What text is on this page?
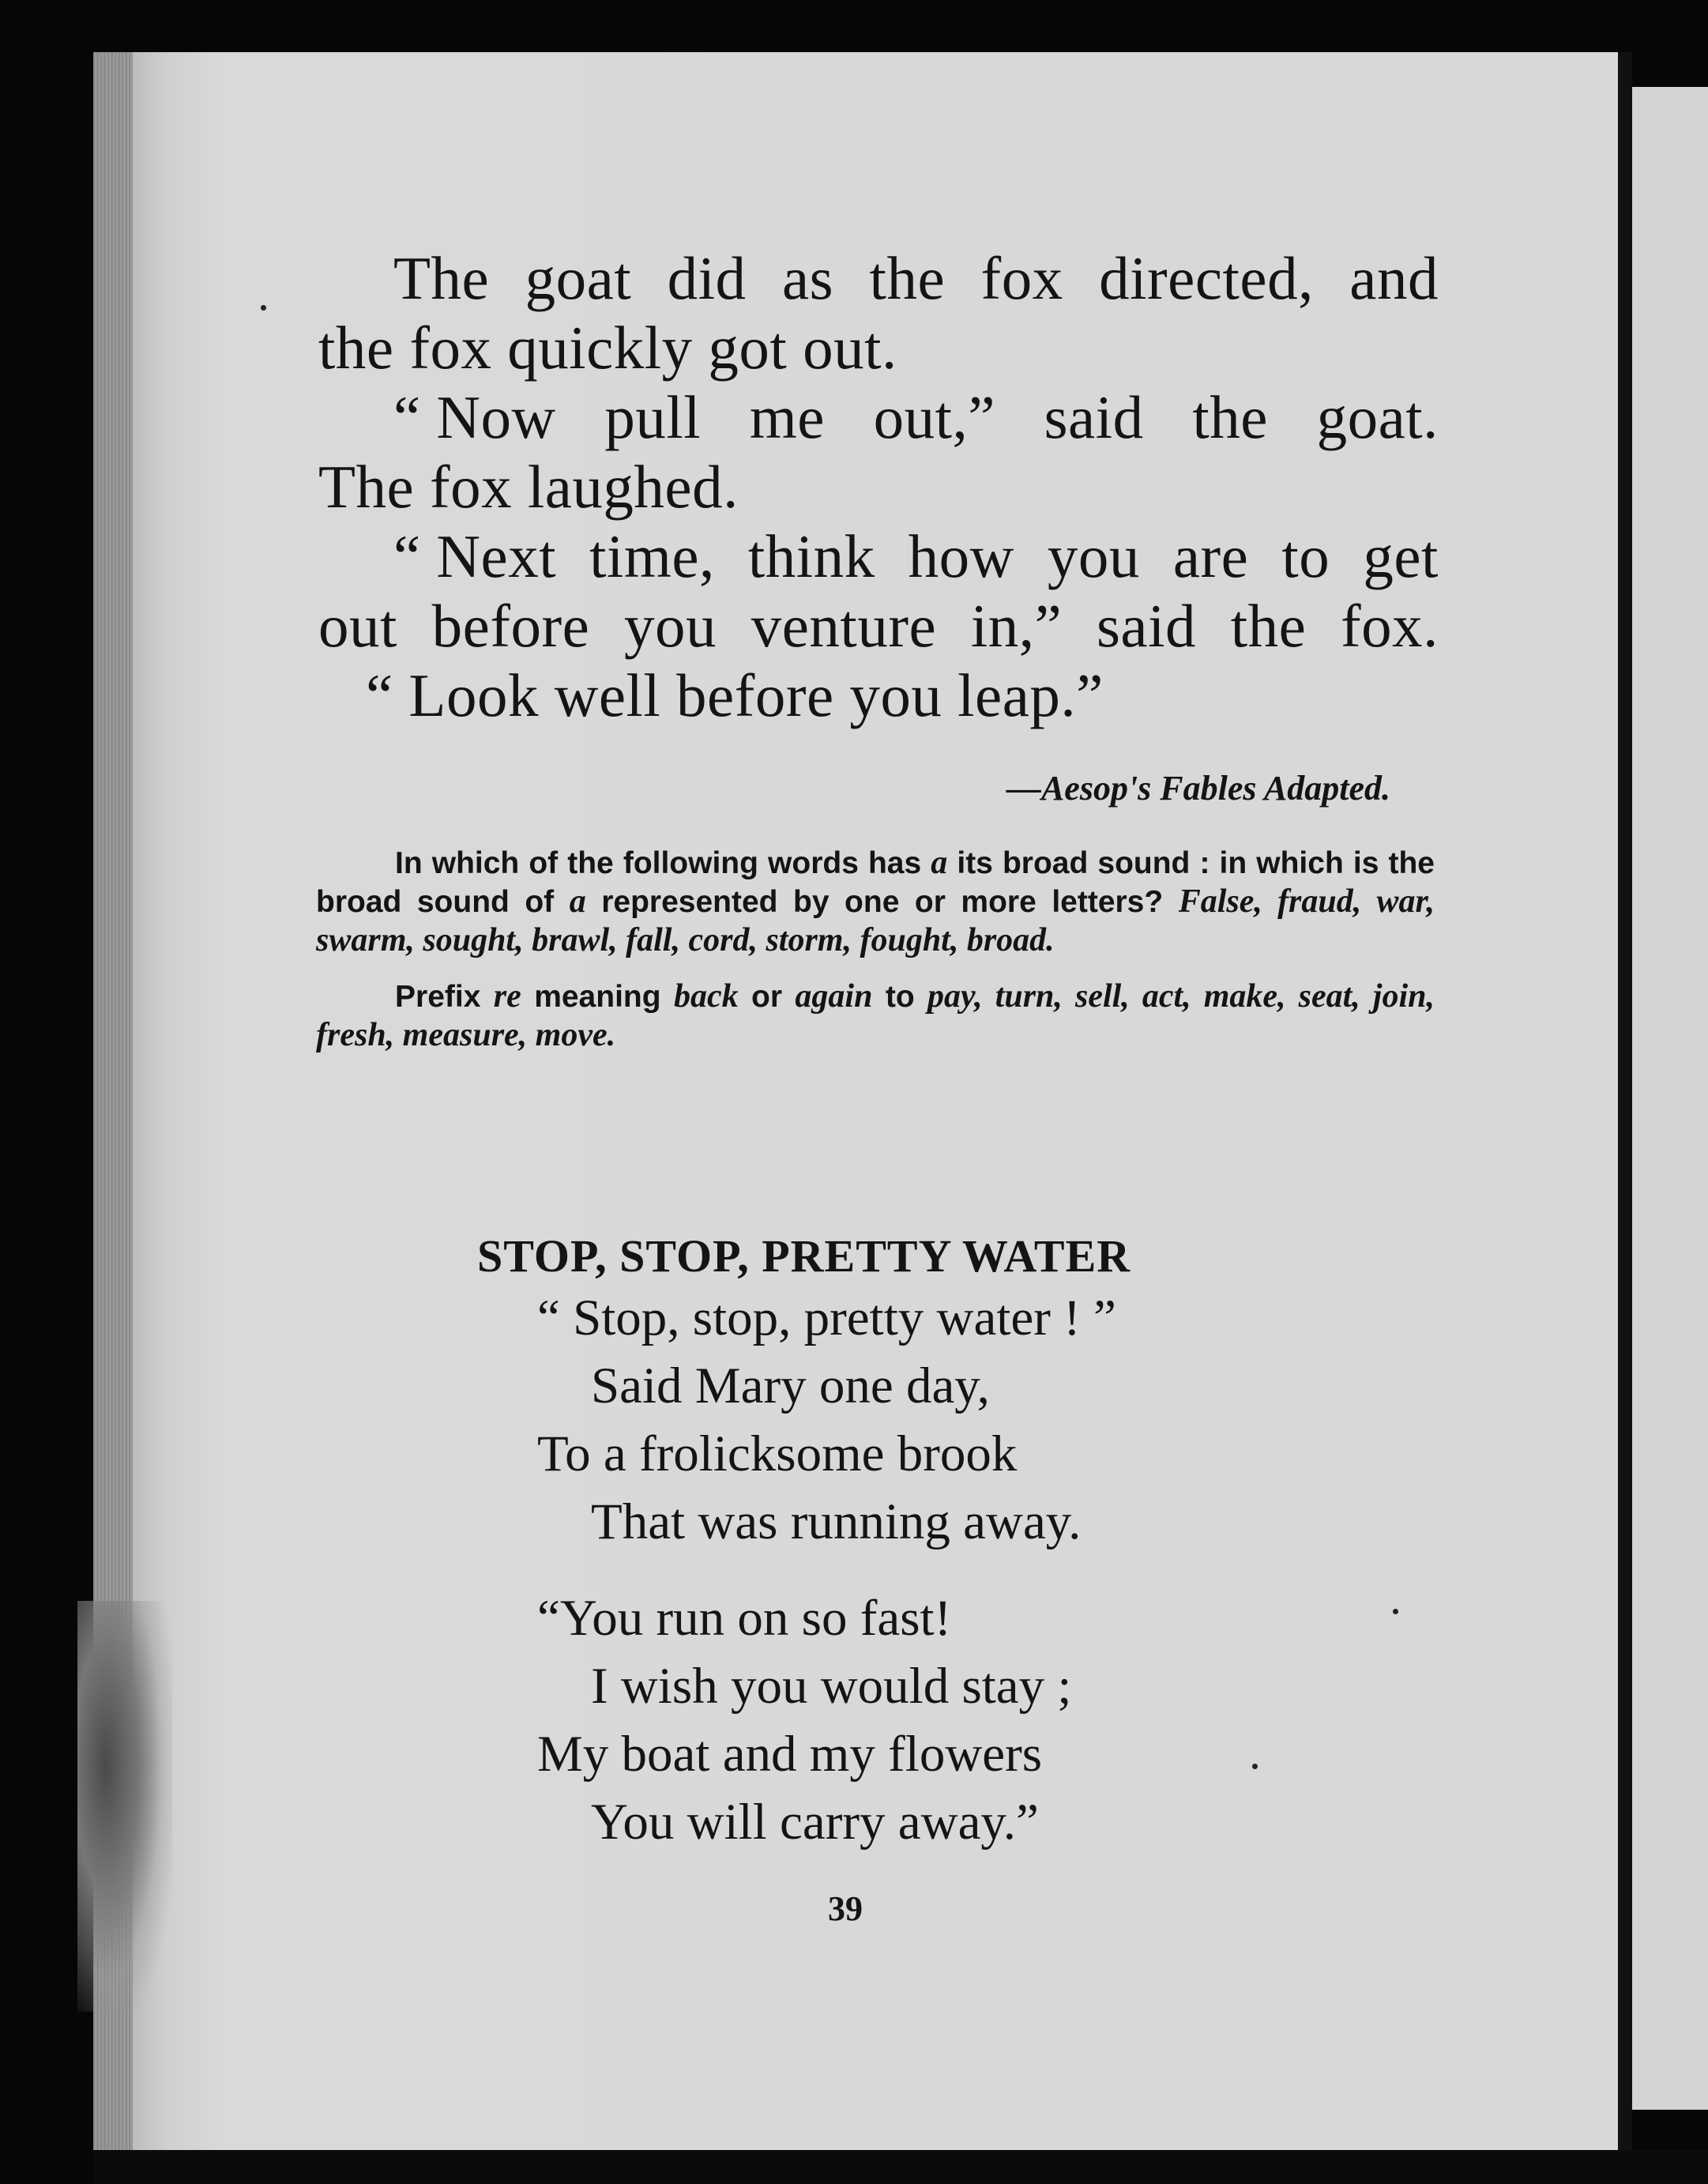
The goat did as the fox directed, and
the fox quickly got out.
“ Now pull me out,” said the goat.
The fox laughed.
“ Next time, think how you are to get
out before you venture in,” said the fox.
“ Look well before you leap.”
—Aesop's Fables Adapted.
In which of the following words has a its broad sound : in which is the broad sound of a represented by one or more letters? False, fraud, war, swarm, sought, brawl, fall, cord, storm, fought, broad.
Prefix re meaning back or again to pay, turn, sell, act, make, seat, join, fresh, measure, move.
STOP, STOP, PRETTY WATER
“ Stop, stop, pretty water ! ”
Said Mary one day,
To a frolicksome brook
That was running away.
“You run on so fast!
I wish you would stay ;
My boat and my flowers
You will carry away.”
39
